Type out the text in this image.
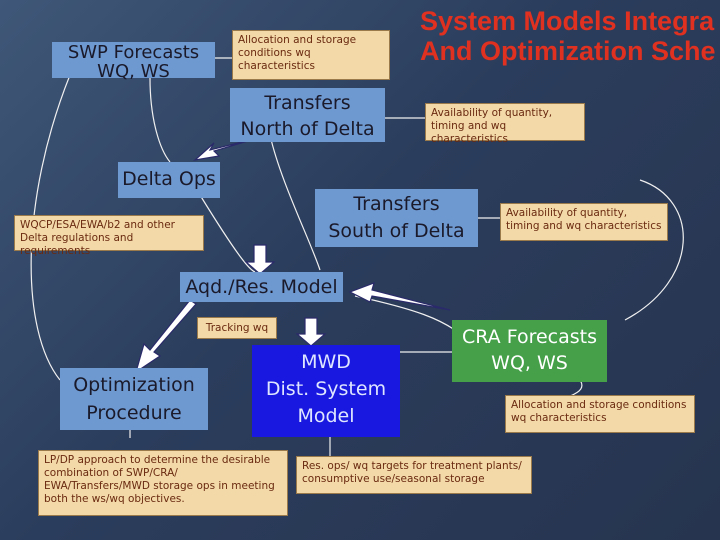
System Models Integra
And Optimization Sche
SWP Forecasts
WQ, WS
Allocation and storage conditions wq characteristics
Transfers
North of Delta
Availability of quantity, timing and wq characteristics
Delta Ops
WQCP/ESA/EWA/b2 and other Delta regulations and requirements
Transfers
South of Delta
Availability of quantity, timing and wq characteristics
Aqd./Res. Model
Tracking wq
Optimization
Procedure
MWD
Dist. System
Model
CRA Forecasts
WQ, WS
Allocation and storage conditions wq characteristics
LP/DP approach to determine the desirable combination of SWP/CRA/ EWA/Transfers/MWD storage ops in meeting both the ws/wq objectives.
Res. ops/ wq targets for treatment plants/ consumptive use/seasonal storage
